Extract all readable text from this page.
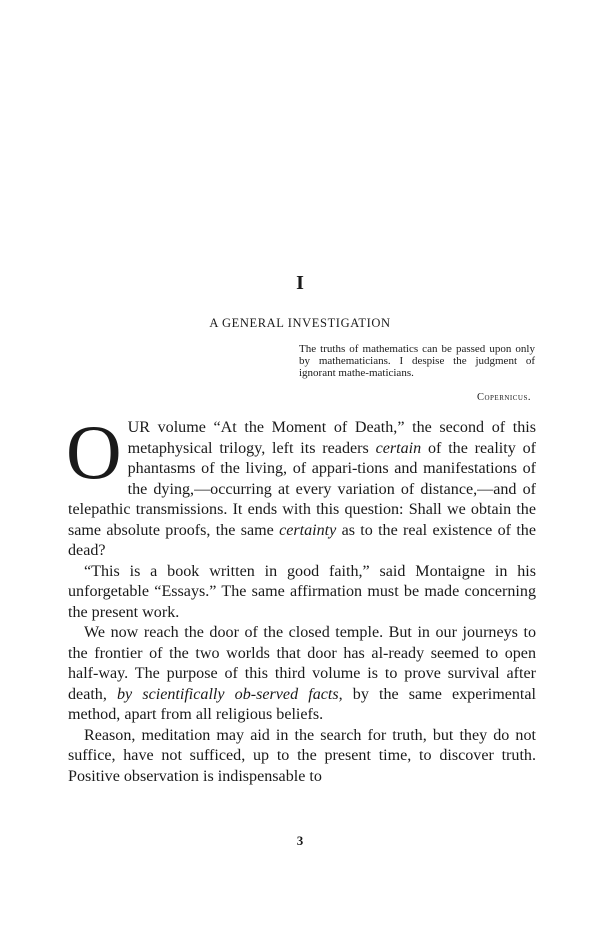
I
A GENERAL INVESTIGATION
The truths of mathematics can be passed upon only by mathematicians. I despise the judgment of ignorant mathe-maticians.
Copernicus.

OUR volume “At the Moment of Death,” the second of this metaphysical trilogy, left its readers certain of the reality of phantasms of the living, of appari-tions and manifestations of the dying,—occurring at every variation of distance,—and of telepathic transmissions. It ends with this question: Shall we obtain the same absolute proofs, the same certainty as to the real existence of the dead?

“This is a book written in good faith,” said Montaigne in his unforgetable “Essays.” The same affirmation must be made concerning the present work.

We now reach the door of the closed temple. But in our journeys to the frontier of the two worlds that door has al-ready seemed to open half-way. The purpose of this third volume is to prove survival after death, by scientifically ob-served facts, by the same experimental method, apart from all religious beliefs.

Reason, meditation may aid in the search for truth, but they do not suffice, have not sufficed, up to the present time, to discover truth. Positive observation is indispensable to

3
